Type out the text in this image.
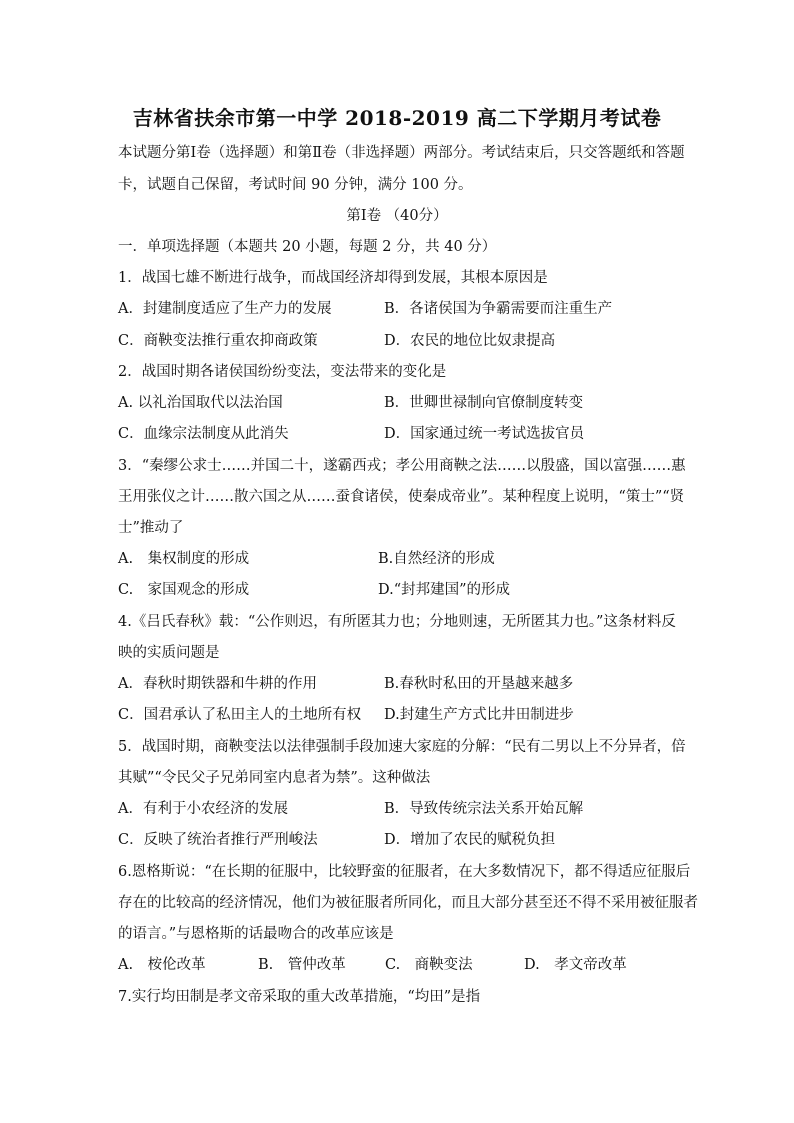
吉林省扶余市第一中学 2018-2019 高二下学期月考试卷
本试题分第Ⅰ卷（选择题）和第Ⅱ卷（非选择题）两部分。考试结束后，只交答题纸和答题
卡，试题自己保留，考试时间 90 分钟，满分 100 分。
第Ⅰ卷 （40分）
一．单项选择题（本题共 20 小题，每题 2 分，共 40 分）
1．战国七雄不断进行战争，而战国经济却得到发展，其根本原因是
A．封建制度适应了生产力的发展	B．各诸侯国为争霸需要而注重生产
C．商鞅变法推行重农抑商政策	D．农民的地位比奴隶提高
2．战国时期各诸侯国纷纷变法，变法带来的变化是
A. 以礼治国取代以法治国	B．世卿世禄制向官僚制度转变
C．血缘宗法制度从此消失	D．国家通过统一考试选拔官员
3．“秦缪公求士……并国二十，遂霸西戎；孝公用商鞅之法……以殷盛，国以富强……惠
王用张仪之计……散六国之从……蚕食诸侯，使秦成帝业”。某种程度上说明，“策士”“贤
士”推动了
A.　集权制度的形成	B.自然经济的形成
C.　家国观念的形成	D.“封邦建国”的形成
4.《吕氏春秋》载：“公作则迟，有所匿其力也；分地则速，无所匿其力也。”这条材料反
映的实质问题是
A．春秋时期铁器和牛耕的作用	B.春秋时私田的开垦越来越多
C．国君承认了私田主人的土地所有权 D.封建生产方式比井田制进步
5．战国时期，商鞅变法以法律强制手段加速大家庭的分解：“民有二男以上不分异者，倍
其赋”“令民父子兄弟同室内息者为禁”。这种做法
A．有利于小农经济的发展	B．导致传统宗法关系开始瓦解
C．反映了统治者推行严刑峻法	D．增加了农民的赋税负担
6.恩格斯说：“在长期的征服中，比较野蛮的征服者，在大多数情况下，都不得适应征服后
存在的比较高的经济情况，他们为被征服者所同化，而且大部分甚至还不得不采用被征服者
的语言。”与恩格斯的话最吻合的改革应该是
A.　桉伦改革	B.　管仲改革	C.　商鞅变法	D.　孝文帝改革
7.实行均田制是孝文帝采取的重大改革措施，“均田”是指
